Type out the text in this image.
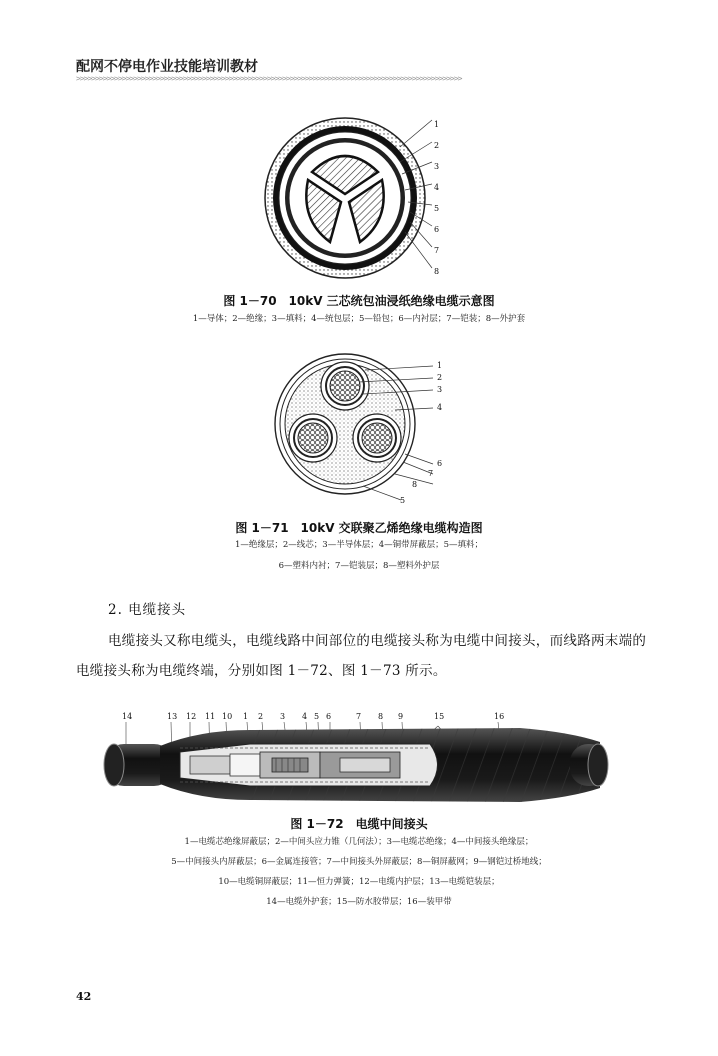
配网不停电作业技能培训教材
>>>>>>>>>>>>>>>>>>>>>>>>>>>>>>>>>>>>>>>>>>>>>>>>>>>>>>>>>>>>>>>>>>>>>>>>>>>>>>>>>>>>>>>>>>>>>>>>>>>>>
1
2
3
4
5
6
7
8
图 1－70　10kV 三芯统包油浸纸绝缘电缆示意图
1—导体；2—绝缘；3—填料；4—统包层；5—铅包；6—内衬层；7—铠装；8—外护套
1
2
3
4
6
7
8
5
图 1－71　10kV 交联聚乙烯绝缘电缆构造图
1—绝缘层；2—线芯；3—半导体层；4—铜带屏蔽层；5—填料；
6—塑料内衬；7—铠装层；8—塑料外护层
2. 电缆接头
电缆接头又称电缆头，电缆线路中间部位的电缆接头称为电缆中间接头，而线路两末端的电缆接头称为电缆终端，分别如图 1－72、图 1－73 所示。
14	13 12 11 10 1 2 3 4 5 6	7 8 9	15	16
图 1－72　电缆中间接头
1—电缆芯绝缘屏蔽层；2—中间头应力锥（几何法）；3—电缆芯绝缘；4—中间接头绝缘层；
5—中间接头内屏蔽层；6—金属连接管；7—中间接头外屏蔽层；8—铜屏蔽网；9—钢铠过桥地线；
10—电缆铜屏蔽层；11—恒力弹簧；12—电缆内护层；13—电缆铠装层；
14—电缆外护套；15—防水胶带层；16—装甲带
42
